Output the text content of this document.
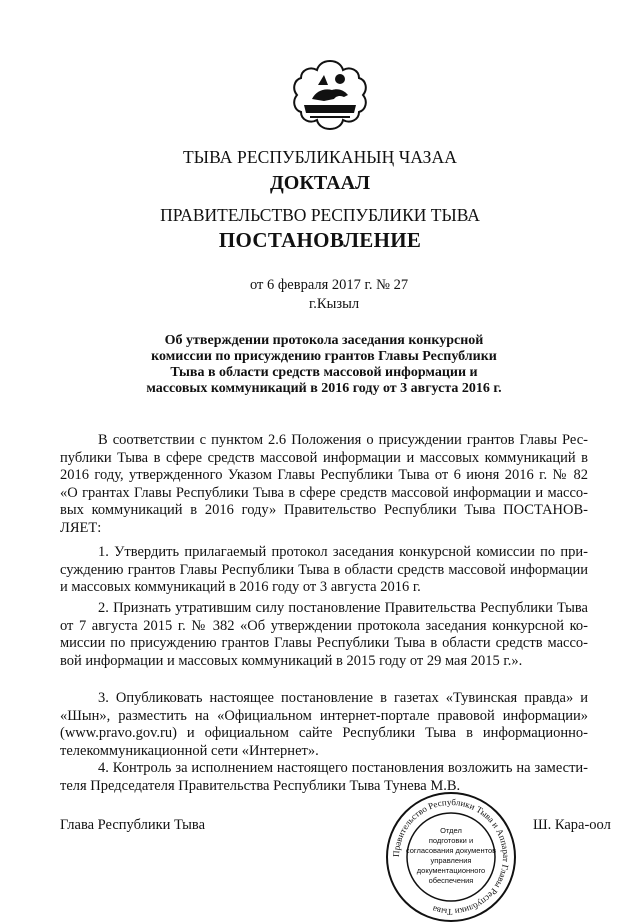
ТЫВА РЕСПУБЛИКАНЫҢ ЧАЗАА
ДОКТААЛ
ПРАВИТЕЛЬСТВО РЕСПУБЛИКИ ТЫВА
ПОСТАНОВЛЕНИЕ
от 6 февраля 2017 г. № 27
г.Кызыл
Об утверждении протокола заседания конкурсной
комиссии по присуждению грантов Главы Республики
Тыва в области средств массовой информации и
массовых коммуникаций в 2016 году от 3 августа 2016 г.
В соответствии с пунктом 2.6 Положения о присуждении грантов Главы Рес-
публики Тыва в сфере средств массовой информации и массовых коммуникаций в
2016 году, утвержденного Указом Главы Республики Тыва от 6 июня 2016 г. № 82
«О грантах Главы Республики Тыва в сфере средств массовой информации и массо-
вых коммуникаций в 2016 году» Правительство Республики Тыва ПОСТАНОВ-
ЛЯЕТ:
1. Утвердить прилагаемый протокол заседания конкурсной комиссии по при-
суждению грантов Главы Республики Тыва в области средств массовой информации
и массовых коммуникаций в 2016 году от 3 августа 2016 г.
2. Признать утратившим силу постановление Правительства Республики Тыва
от 7 августа 2015 г. № 382 «Об утверждении протокола заседания конкурсной ко-
миссии по присуждению грантов Главы Республики Тыва в области средств массо-
вой информации и массовых коммуникаций в 2015 году от 29 мая 2015 г.».
3. Опубликовать настоящее постановление в газетах «Тувинская правда» и
«Шын», разместить на «Официальном интернет-портале правовой информации»
(www.pravo.gov.ru) и официальном сайте Республики Тыва в информационно-
телекоммуникационной сети «Интернет».
4. Контроль за исполнением настоящего постановления возложить на замести-
теля Председателя Правительства Республики Тыва Тунева М.В.
Глава Республики Тыва	Ш. Кара-оол
Правительство Республики Тыва и Аппарат Главы Республики Тыва
Отдел
подготовки и
согласования документов
управления
документационного
обеспечения
